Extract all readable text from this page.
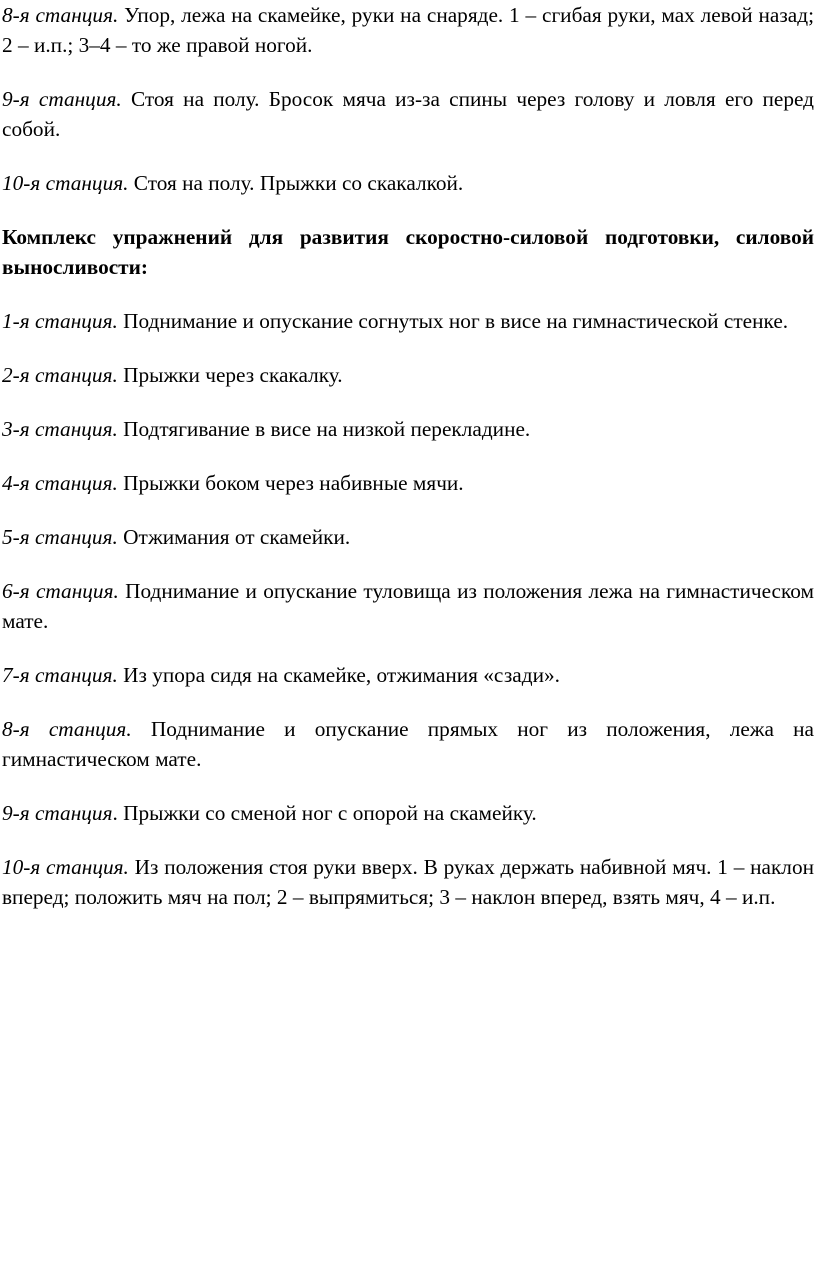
8-я станция. Упор, лежа на скамейке, руки на снаряде. 1 – сгибая руки, мах левой назад; 2 – и.п.; 3–4 – то же правой ногой.

9-я станция. Стоя на полу. Бросок мяча из-за спины через голову и ловля его перед собой.

10-я станция. Стоя на полу. Прыжки со скакалкой.

Комплекс упражнений для развития скоростно-силовой подготовки, силовой выносливости:

1-я станция. Поднимание и опускание согнутых ног в висе на гимнастической стенке.

2-я станция. Прыжки через скакалку.

3-я станция. Подтягивание в висе на низкой перекладине.

4-я станция. Прыжки боком через набивные мячи.

5-я станция. Отжимания от скамейки.

6-я станция. Поднимание и опускание туловища из положения лежа на гимнастическом мате.

7-я станция. Из упора сидя на скамейке, отжимания «сзади».

8-я станция. Поднимание и опускание прямых ног из положения, лежа на гимнастическом мате.

9-я станция. Прыжки со сменой ног с опорой на скамейку.

10-я станция. Из положения стоя руки вверх. В руках держать набивной мяч. 1 – наклон вперед; положить мяч на пол; 2 – выпрямиться; 3 – наклон вперед, взять мяч, 4 – и.п.
